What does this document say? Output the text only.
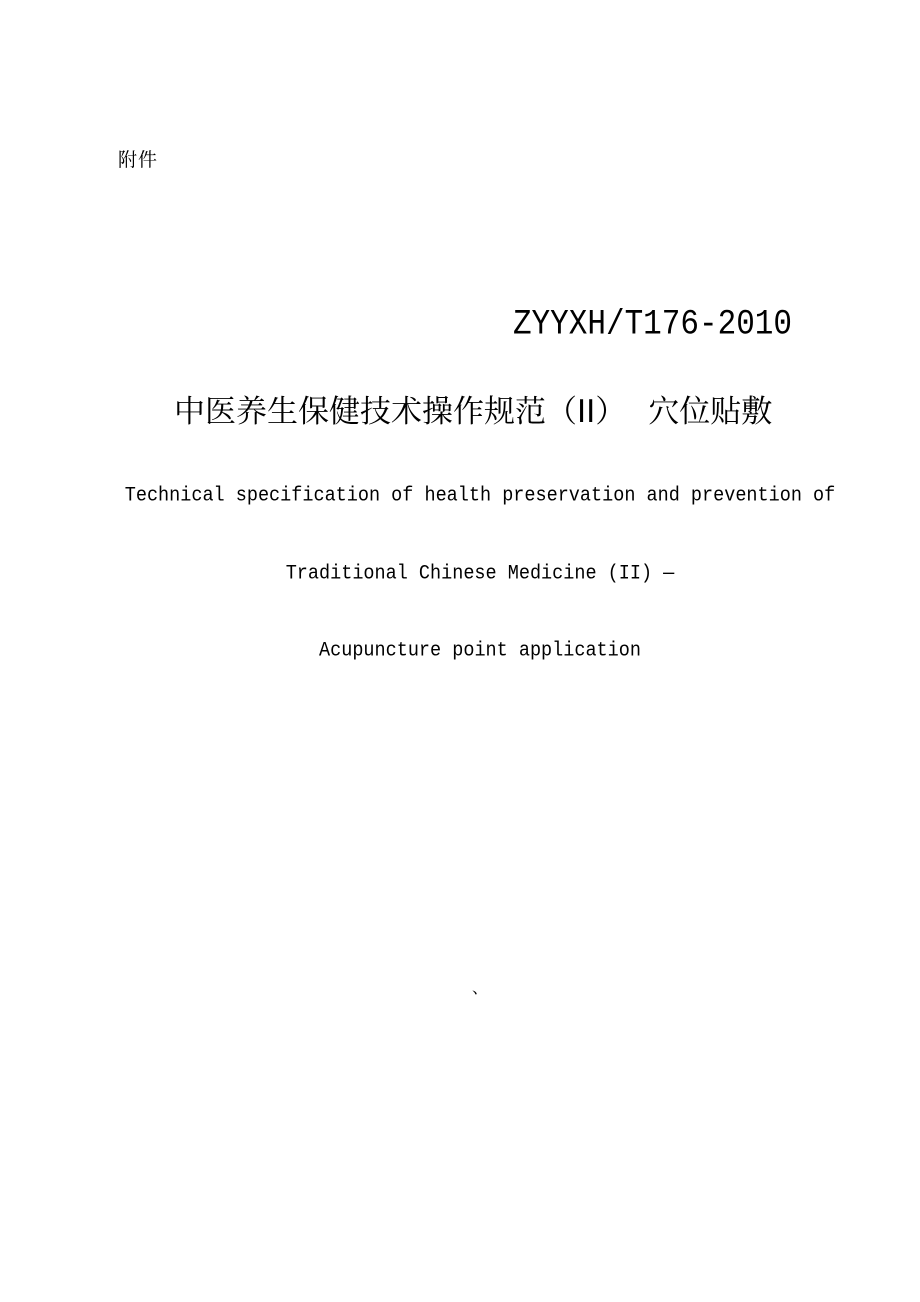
附件
ZYYXH/T176-2010
中医养生保健技术操作规范（II） 穴位贴敷
Technical specification of health preservation and prevention of
Traditional Chinese Medicine (II) —
Acupuncture point application
、
